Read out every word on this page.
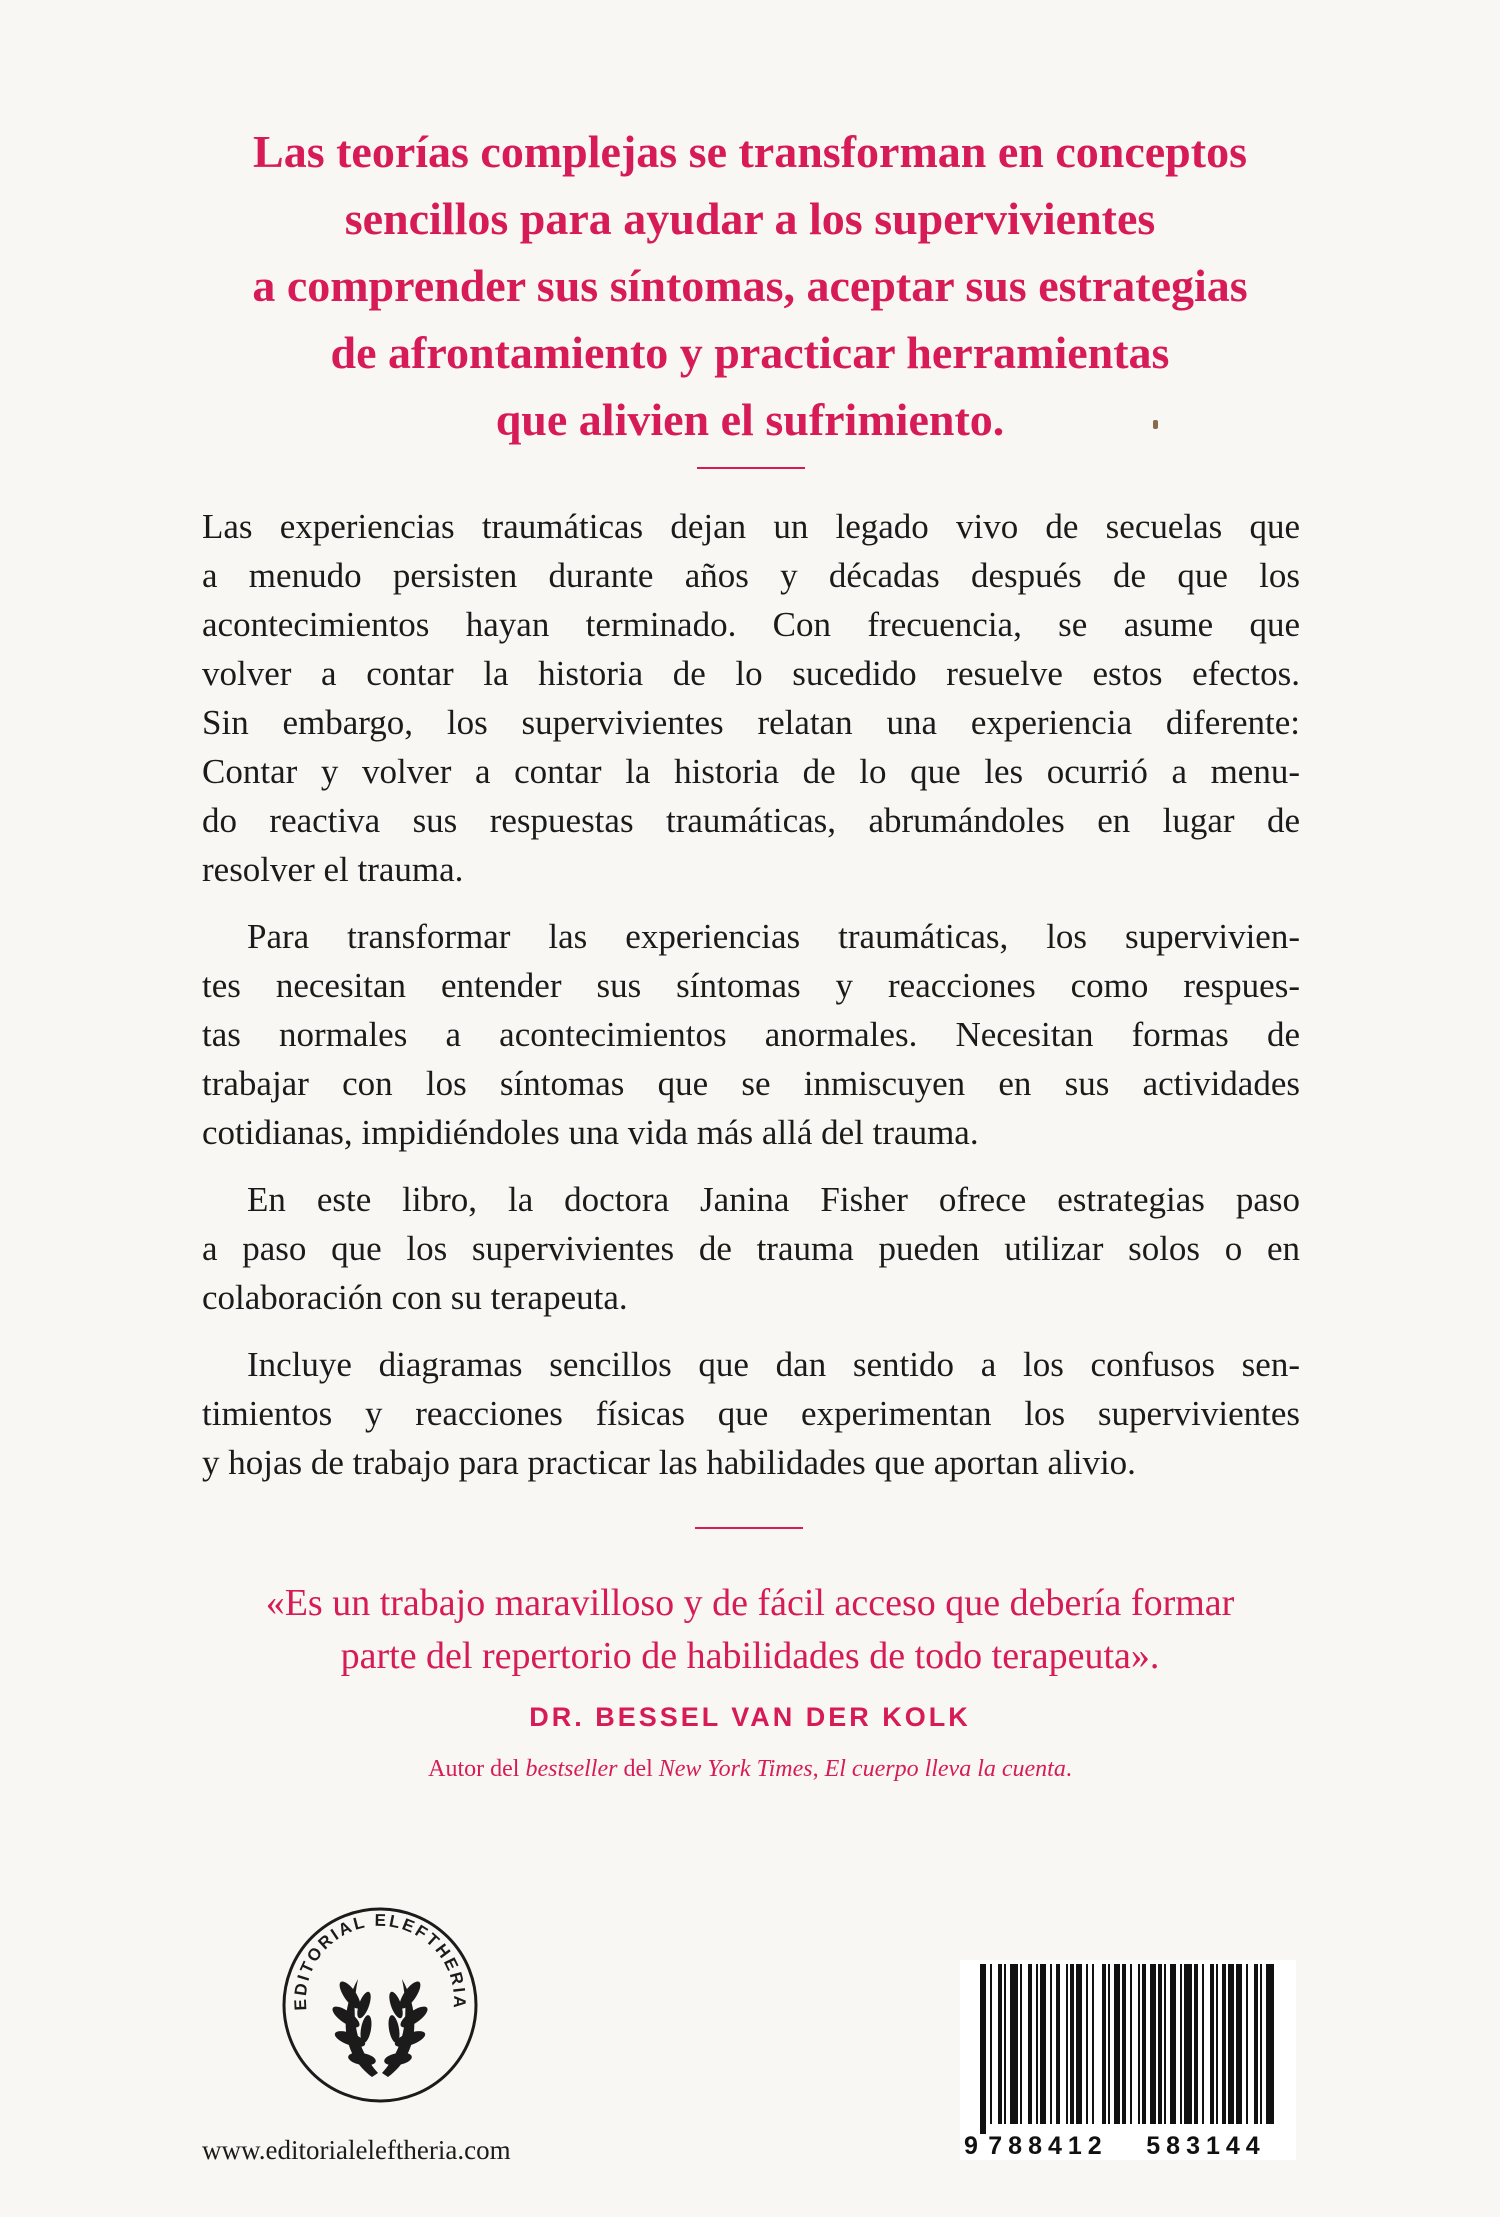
Las teorías complejas se transforman en conceptos
sencillos para ayudar a los supervivientes
a comprender sus síntomas, aceptar sus estrategias
de afrontamiento y practicar herramientas
que alivien el sufrimiento.

Las experiencias traumáticas dejan un legado vivo de secuelas que
a menudo persisten durante años y décadas después de que los
acontecimientos hayan terminado. Con frecuencia, se asume que
volver a contar la historia de lo sucedido resuelve estos efectos.
Sin embargo, los supervivientes relatan una experiencia diferente:
Contar y volver a contar la historia de lo que les ocurrió a menu-
do reactiva sus respuestas traumáticas, abrumándoles en lugar de
resolver el trauma.

Para transformar las experiencias traumáticas, los supervivien-
tes necesitan entender sus síntomas y reacciones como respues-
tas normales a acontecimientos anormales. Necesitan formas de
trabajar con los síntomas que se inmiscuyen en sus actividades
cotidianas, impidiéndoles una vida más allá del trauma.

En este libro, la doctora Janina Fisher ofrece estrategias paso
a paso que los supervivientes de trauma pueden utilizar solos o en
colaboración con su terapeuta.

Incluye diagramas sencillos que dan sentido a los confusos sen-
timientos y reacciones físicas que experimentan los supervivientes
y hojas de trabajo para practicar las habilidades que aportan alivio.

«Es un trabajo maravilloso y de fácil acceso que debería formar
parte del repertorio de habilidades de todo terapeuta».

DR. BESSEL VAN DER KOLK

Autor del bestseller del New York Times, El cuerpo lleva la cuenta.

EDITORIAL ELEFTHERIA

www.editorialeleftheria.com	9 788412 583144
